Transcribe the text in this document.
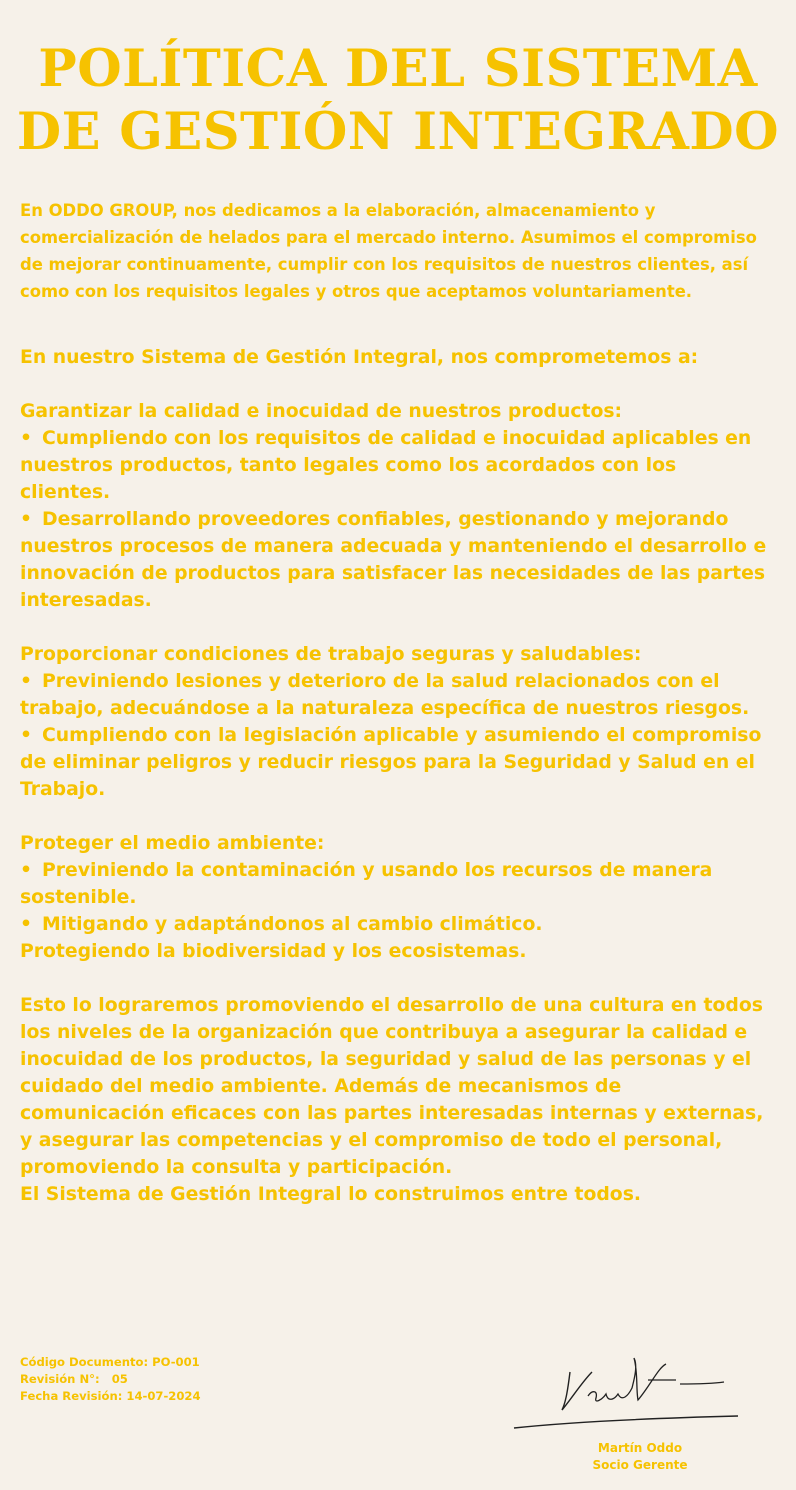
POLÍTICA DEL SISTEMA
DE GESTIÓN INTEGRADO

En ODDO GROUP, nos dedicamos a la elaboración, almacenamiento y comercialización de helados para el mercado interno. Asumimos el compromiso de mejorar continuamente, cumplir con los requisitos de nuestros clientes, así como con los requisitos legales y otros que aceptamos voluntariamente.

En nuestro Sistema de Gestión Integral, nos comprometemos a:

Garantizar la calidad e inocuidad de nuestros productos:

• Cumpliendo con los requisitos de calidad e inocuidad aplicables en nuestros productos, tanto legales como los acordados con los clientes.

• Desarrollando proveedores confiables, gestionando y mejorando nuestros procesos de manera adecuada y manteniendo el desarrollo e innovación de productos para satisfacer las necesidades de las partes interesadas.

Proporcionar condiciones de trabajo seguras y saludables:

• Previniendo lesiones y deterioro de la salud relacionados con el trabajo, adecuándose a la naturaleza específica de nuestros riesgos.

• Cumpliendo con la legislación aplicable y asumiendo el compromiso de eliminar peligros y reducir riesgos para la Seguridad y Salud en el Trabajo.

Proteger el medio ambiente:

• Previniendo la contaminación y usando los recursos de manera sostenible.

• Mitigando y adaptándonos al cambio climático.

Protegiendo la biodiversidad y los ecosistemas.

Esto lo lograremos promoviendo el desarrollo de una cultura en todos los niveles de la organización que contribuya a asegurar la calidad e inocuidad de los productos, la seguridad y salud de las personas y el cuidado del medio ambiente. Además de mecanismos de comunicación eficaces con las partes interesadas internas y externas, y asegurar las competencias y el compromiso de todo el personal, promoviendo la consulta y participación.

El Sistema de Gestión Integral lo construimos entre todos.

Código Documento: PO-001
Revisión N°:   05
Fecha Revisión: 14-07-2024
Martín Oddo
Socio Gerente
